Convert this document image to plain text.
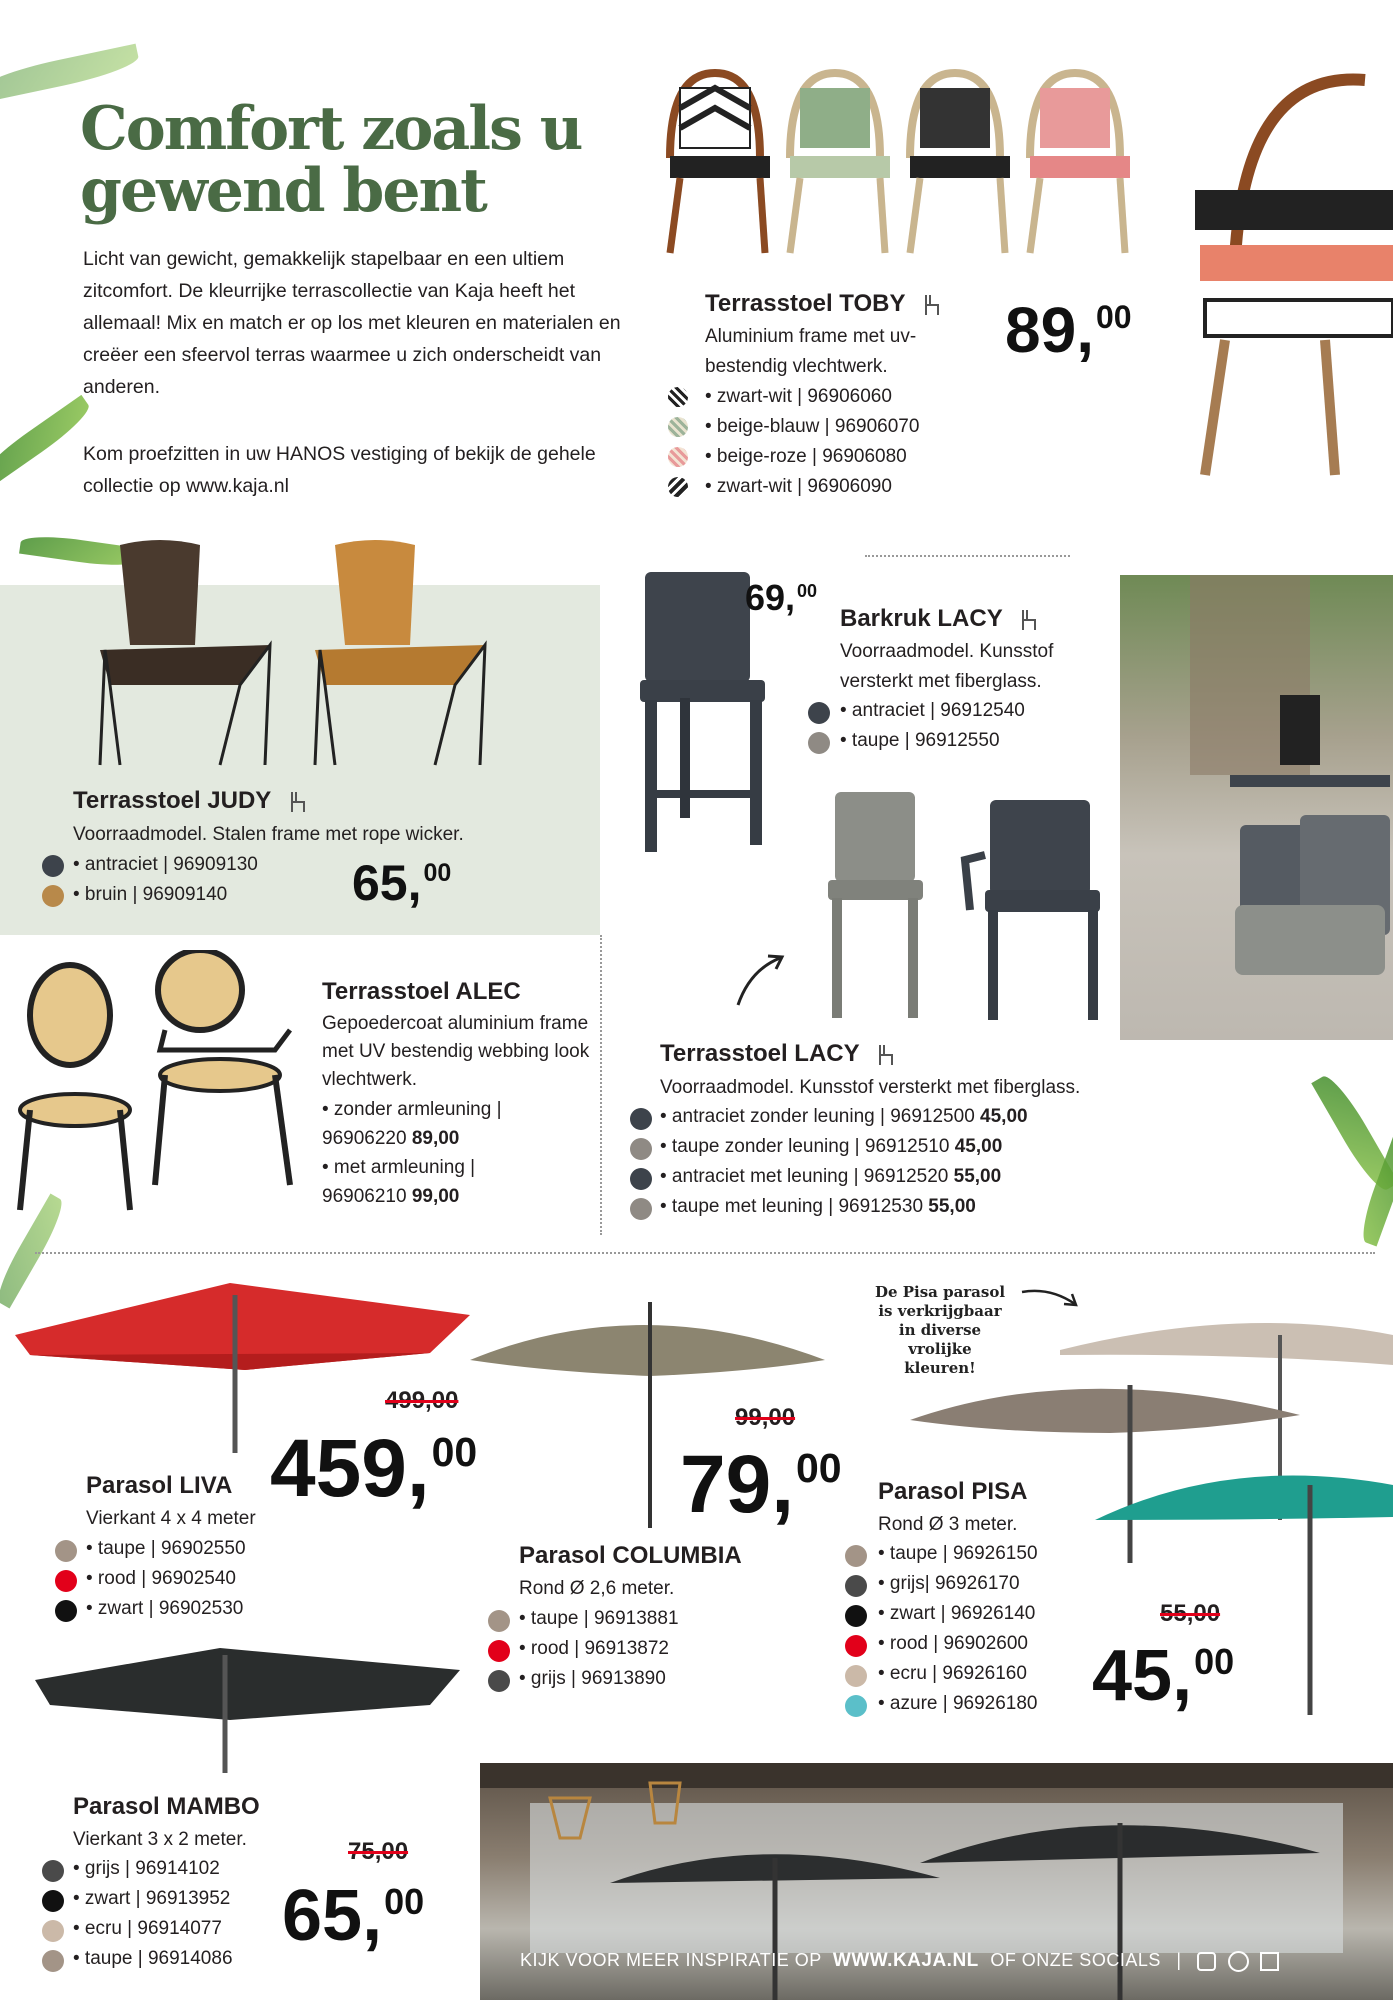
Comfort zoals u
gewend bent
Licht van gewicht, gemakkelijk stapelbaar en een ultiem zitcomfort. De kleurrijke terrascollectie van Kaja heeft het allemaal! Mix en match er op los met kleuren en materialen en creëer een sfeervol terras waarmee u zich onderscheidt van anderen.
Kom proefzitten in uw HANOS vestiging of bekijk de gehele collectie op www.kaja.nl
Terrasstoel TOBY
Aluminium frame met uv-bestendig vlechtwerk.
89,00
• zwart-wit | 96906060
• beige-blauw | 96906070
• beige-roze | 96906080
• zwart-wit | 96906090
Terrasstoel JUDY
Voorraadmodel. Stalen frame met rope wicker.
• antraciet | 96909130
• bruin | 96909140 65,00
69, $^{00}$
Barkruk LACY
Voorraadmodel. Kunsstof versterkt met fiberglass.
• antraciet | 96912540
• taupe | 96912550
Terrasstoel LACY
Voorraadmodel. Kunsstof versterkt met fiberglass.
• antraciet zonder leuning | 96912500 45,00
• taupe zonder leuning | 96912510 45,00
• antraciet met leuning | 96912520 55,00
• taupe met leuning | 96912530 55,00
Terrasstoel ALEC
Gepoedercoat aluminium frame met UV bestendig webbing look vlechtwerk.
• zonder armleuning |
96906220 89,00
• met armleuning |
96906210 99,00
499,00
459,00
Parasol LIVA
Vierkant 4 x 4 meter
• taupe | 96902550
• rood | 96902540
• zwart | 96902530
99,00
79,00
Parasol COLUMBIA
Rond Ø 2,6 meter.
• taupe | 96913881
• rood | 96913872
• grijs | 96913890
De Pisa parasol is verkrijgbaar in diverse vrolijke kleuren!
Parasol PISA
Rond Ø 3 meter.
• taupe | 96926150
• grijs| 96926170
• zwart | 96926140
• rood | 96902600
• ecru | 96926160
• azure | 96926180
55,00
45,00
Parasol MAMBO
Vierkant 3 x 2 meter.
• grijs | 96914102
• zwart | 96913952
• ecru | 96914077
• taupe | 96914086
75,00
65,00
KIJK VOOR MEER INSPIRATIE OP WWW.KAJA.NL OF ONZE SOCIALS |
